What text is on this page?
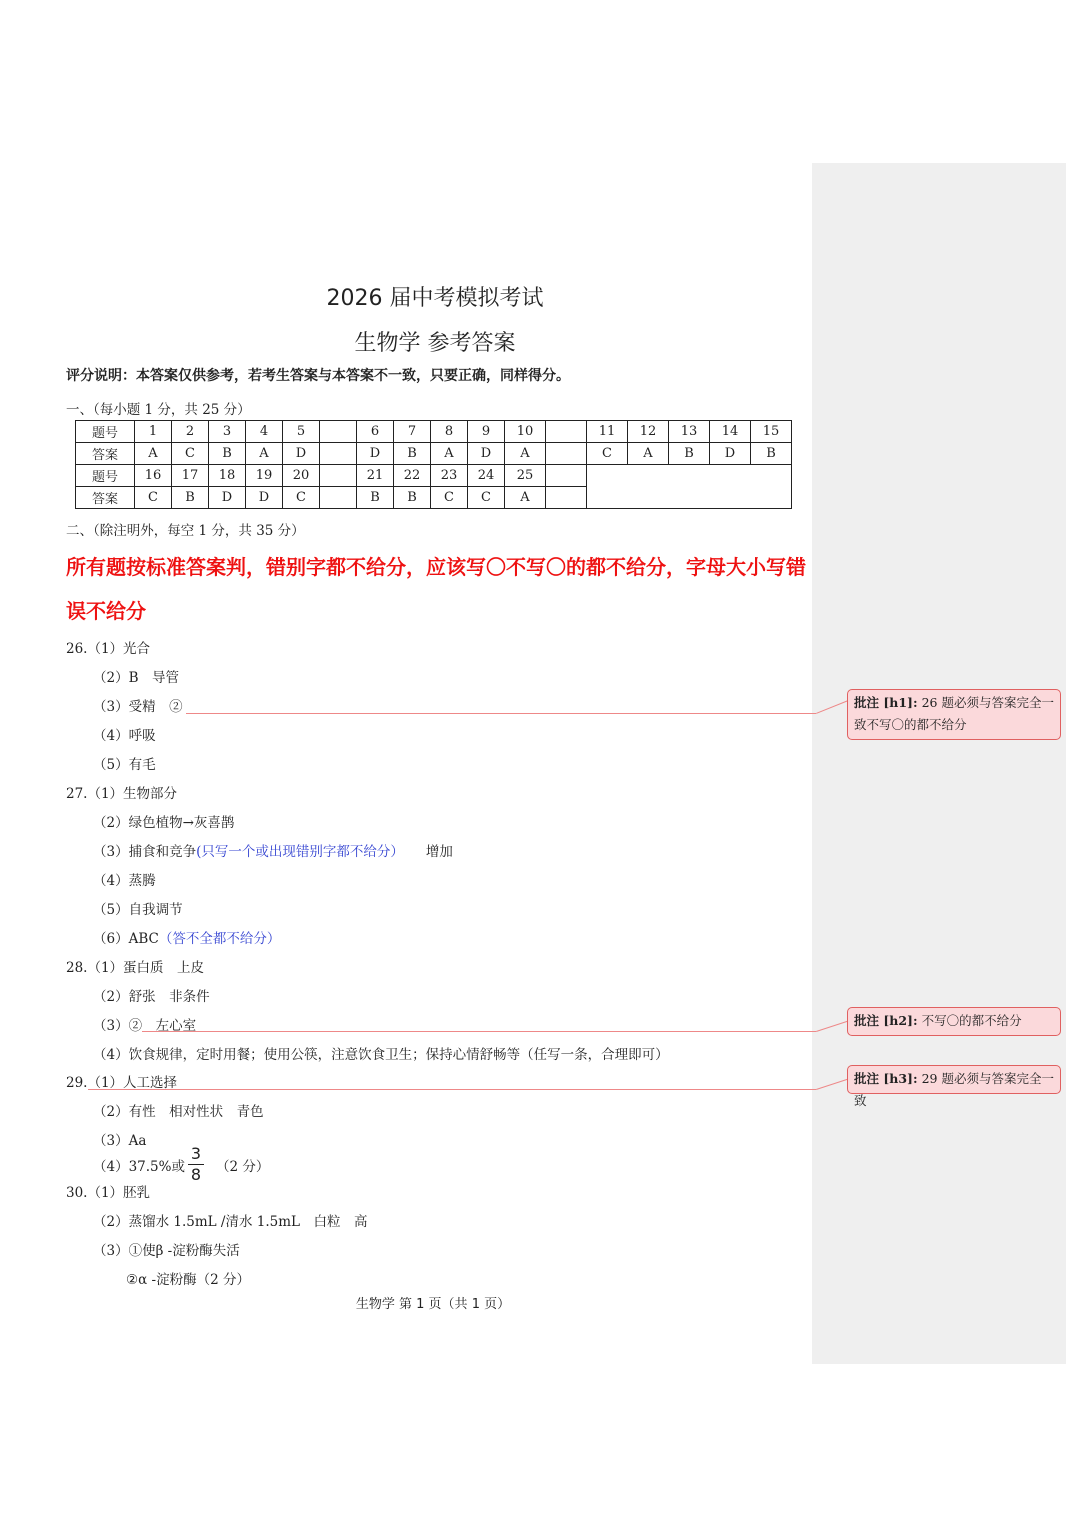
2026 届中考模拟考试
生物学 参考答案
评分说明：本答案仅供参考，若考生答案与本答案不一致，只要正确，同样得分。
一、（每小题 1 分，共 25 分）
题号	1	2	3	4	5		6	7	8	9	10		11	12	13	14	15
答案	A	C	B	A	D		D	B	A	D	A		C	A	B	D	B
题号	16	17	18	19	20		21	22	23	24	25						
答案	C	B	D	D	C		B	B	C	C	A						
二、（除注明外，每空 1 分，共 35 分）
所有题按标准答案判，错别字都不给分，应该写〇不写〇的都不给分，字母大小写错误不给分
26.（1）光合
（2）B　导管
（3）受精　②
（4）呼吸
（5）有毛
27.（1）生物部分
（2）绿色植物→灰喜鹊
（3）捕食和竞争(只写一个或出现错别字都不给分） 增加
（4）蒸腾
（5）自我调节
（6）ABC（答不全都不给分）
28.（1）蛋白质　上皮
（2）舒张　非条件
（3）②　左心室
（4）饮食规律，定时用餐；使用公筷，注意饮食卫生；保持心情舒畅等（任写一条，合理即可）
29.（1）人工选择
（2）有性　相对性状　青色
（3）Aa
（4）37.5%或
3
8 （2 分）
30.（1）胚乳
（2）蒸馏水 1.5mL /清水 1.5mL　白粒　高
（3）①使β -淀粉酶失活
②α -淀粉酶（2 分）
生物学 第 1 页（共 1 页）
批注 [h1]: 26 题必须与答案完全一致不写〇的都不给分
批注 [h2]: 不写〇的都不给分
批注 [h3]: 29 题必须与答案完全一致
